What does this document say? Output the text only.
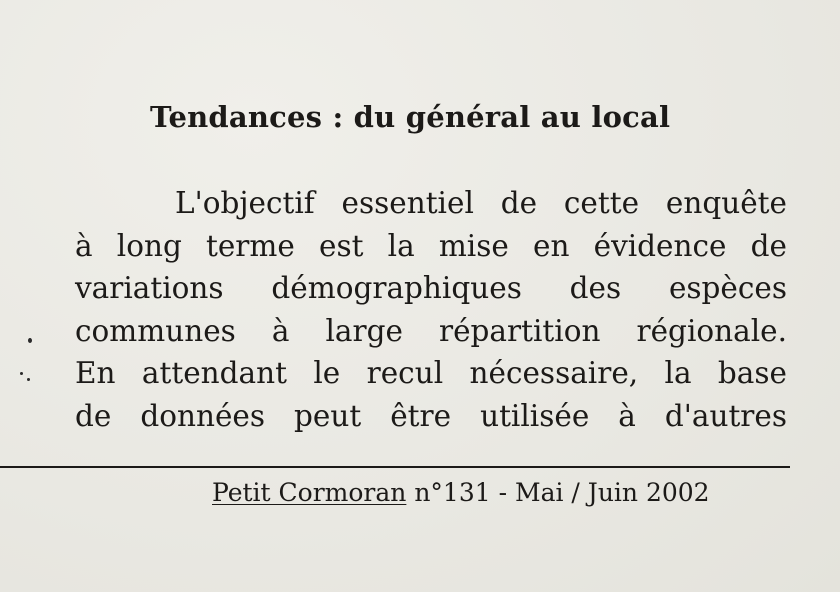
Tendances : du général au local

L'objectif essentiel de cette enquête
à long terme est la mise en évidence de
variations démographiques des espèces
communes à large répartition régionale.
En attendant le recul nécessaire, la base
de données peut être utilisée à d'autres

Petit Cormoran n°131 - Mai / Juin 2002
